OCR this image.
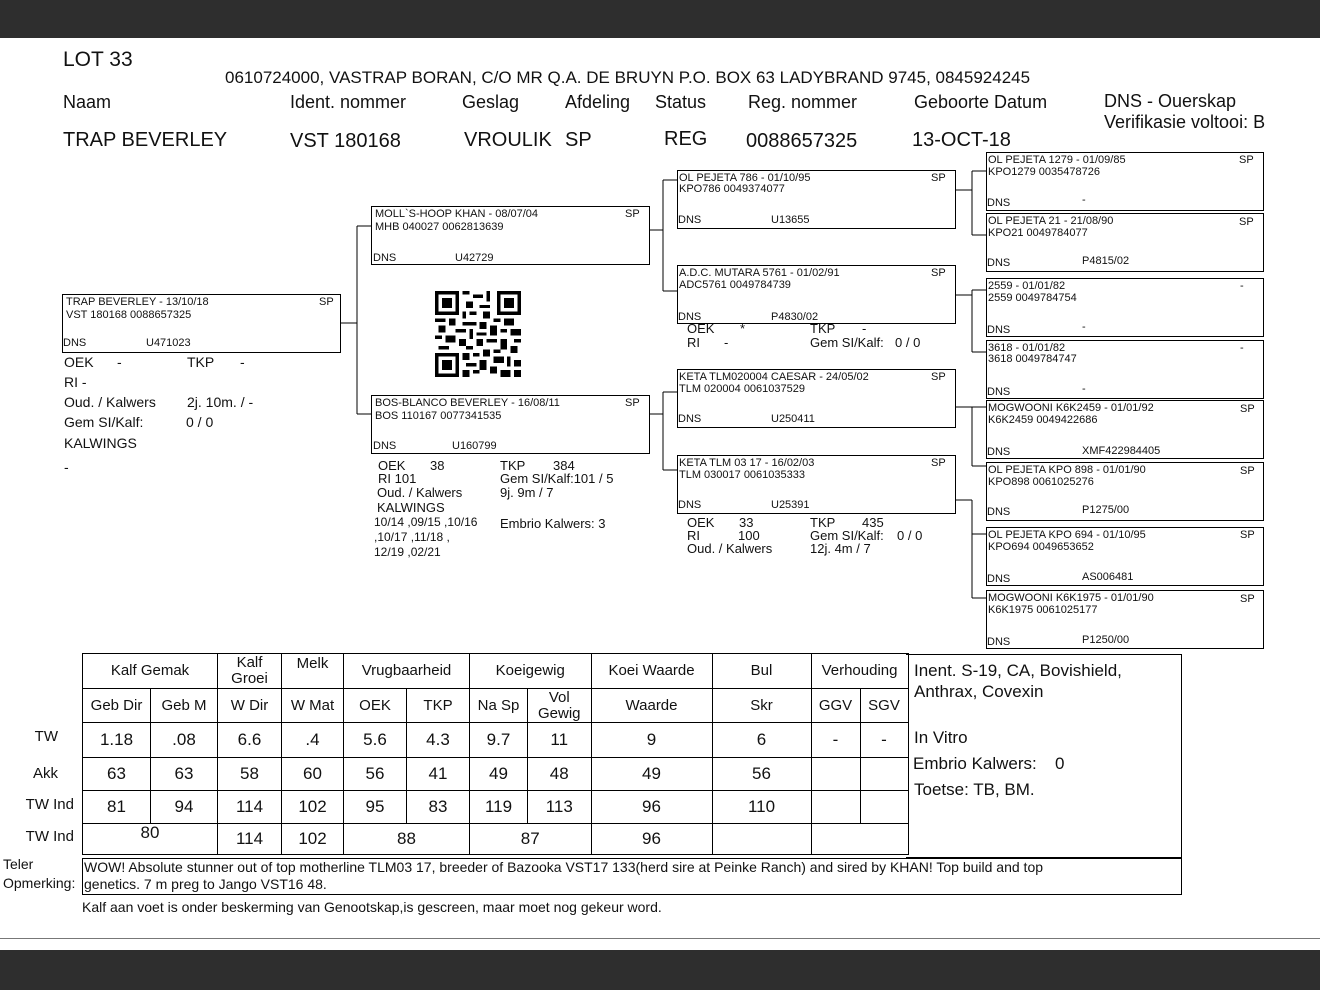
LOT 33
0610724000, VASTRAP BORAN, C/O MR Q.A. DE BRUYN P.O. BOX 63 LADYBRAND 9745, 0845924245
Naam	Ident. nommer	Geslag	Afdeling Status Reg. nommer	Geboorte Datum	DNS - Ouerskap
Verifikasie voltooi: B
TRAP BEVERLEY	VST 180168	VROULIK SP	REG 0088657325	13-OCT-18
TRAP BEVERLEY - 13/10/18	SP
VST 180168 0088657325
DNS	U471023
OEK -	TKP -
RI -
Oud. / Kalwers 2j. 10m. / -
Gem SI/Kalf:	0 / 0
KALWINGS
-
MOLL`S-HOOP KHAN - 08/07/04	SP
MHB 040027 0062813639
DNS	U42729
BOS-BLANCO BEVERLEY - 16/08/11	SP
BOS 110167 0077341535
DNS	U160799
OEK 38	TKP 384
RI 101	Gem SI/Kalf:101 / 5
Oud. / Kalwers	9j. 9m / 7
KALWINGS
Embrio Kalwers: 3
10/14 ,09/15 ,10/16
,10/17 ,11/18 ,
12/19 ,02/21
OL PEJETA 786 - 01/10/95	SP
KPO786 0049374077
DNS	U13655
A.D.C. MUTARA 5761 - 01/02/91	SP
ADC5761 0049784739
DNS	P4830/02
OEK *	TKP -
RI -	Gem SI/Kalf: 0 / 0
KETA TLM020004 CAESAR - 24/05/02	SP
TLM 020004 0061037529
DNS	U250411
KETA TLM 03 17 - 16/02/03	SP
TLM 030017 0061035333
DNS	U25391
OEK 33	TKP 435
RI	100	Gem SI/Kalf: 0 / 0
Oud. / Kalwers	12j. 4m / 7
OL PEJETA 1279 - 01/09/85	SP
KPO1279 0035478726
DNS	-
OL PEJETA 21 - 21/08/90	SP
KPO21 0049784077
DNS	P4815/02
2559 - 01/01/82	-
2559 0049784754
DNS	-
3618 - 01/01/82	-
3618 0049784747
DNS	-
MOGWOONI K6K2459 - 01/01/92	SP
K6K2459 0049422686
DNS	XMF422984405
OL PEJETA KPO 898 - 01/01/90	SP
KPO898 0061025276
DNS	P1275/00
OL PEJETA KPO 694 - 01/10/95	SP
KPO694 0049653652
DNS	AS006481
MOGWOONI K6K1975 - 01/01/90	SP
K6K1975 0061025177
DNS	P1250/00
TW
Akk
TW Ind
TW Ind
Kalf Gemak		Kalf Groei	Melk	Vrugbaarheid		Koeigewig		Koei Waarde	Bul	Verhouding	
Geb Dir	Geb M	W Dir	W Mat	OEK	TKP	Na Sp	Vol Gewig	Waarde	Skr	GGV	SGV
1.18	.08	6.6	.4	5.6	4.3	9.7	11	9	6	-	-
63	63	58	60	56	41	49	48	49	56		
81	94	114	102	95	83	119	113	96	110		
80		114	102	88		87		96			
Inent. S-19, CA, Bovishield,
Anthrax, Covexin
In Vitro
Embrio Kalwers: 0
Toetse: TB, BM.
Teler
Opmerking:
WOW! Absolute stunner out of top motherline TLM03 17, breeder of Bazooka VST17 133(herd sire at Peinke Ranch) and sired by KHAN! Top build and top
genetics. 7 m preg to Jango VST16 48.
Kalf aan voet is onder beskerming van Genootskap,is gescreen, maar moet nog gekeur word.
